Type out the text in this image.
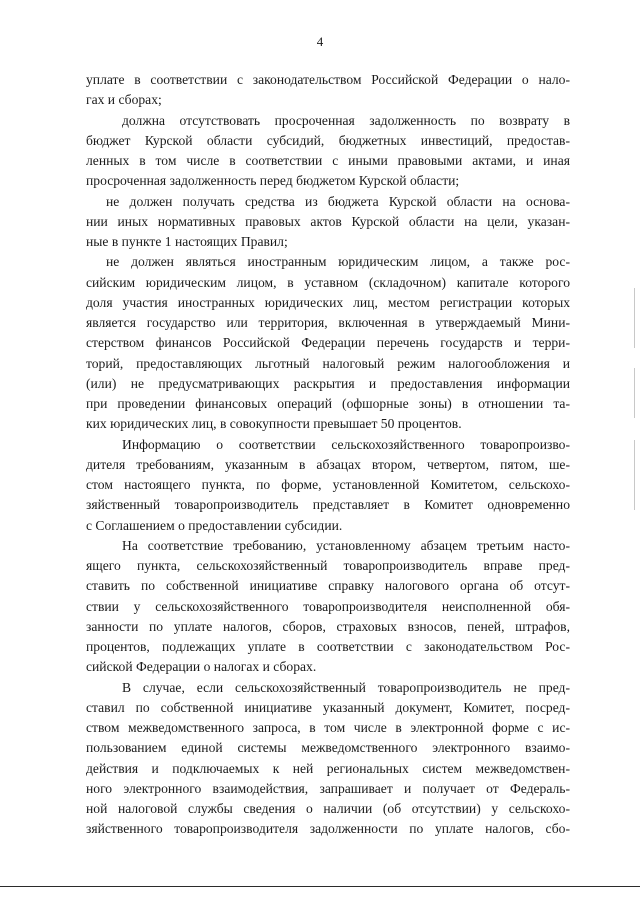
4
уплате в соответствии с законодательством Российской Федерации о нало-
гах и сборах;
должна отсутствовать просроченная задолженность по возврату в
бюджет Курской области субсидий, бюджетных инвестиций, предостав-
ленных в том числе в соответствии с иными правовыми актами, и иная
просроченная задолженность перед бюджетом Курской области;
не должен получать средства из бюджета Курской области на основа-
нии иных нормативных правовых актов Курской области на цели, указан-
ные в пункте 1 настоящих Правил;
не должен являться иностранным юридическим лицом, а также рос-
сийским юридическим лицом, в уставном (складочном) капитале которого
доля участия иностранных юридических лиц, местом регистрации которых
является государство или территория, включенная в утверждаемый Мини-
стерством финансов Российской Федерации перечень государств и терри-
торий, предоставляющих льготный налоговый режим налогообложения и
(или) не предусматривающих раскрытия и предоставления информации
при проведении финансовых операций (офшорные зоны) в отношении та-
ких юридических лиц, в совокупности превышает 50 процентов.
Информацию о соответствии сельскохозяйственного товаропроизво-
дителя требованиям, указанным в абзацах втором, четвертом, пятом, ше-
стом настоящего пункта, по форме, установленной Комитетом, сельскохо-
зяйственный товаропроизводитель представляет в Комитет одновременно
с Соглашением о предоставлении субсидии.
На соответствие требованию, установленному абзацем третьим насто-
ящего пункта, сельскохозяйственный товаропроизводитель вправе пред-
ставить по собственной инициативе справку налогового органа об отсут-
ствии у сельскохозяйственного товаропроизводителя неисполненной обя-
занности по уплате налогов, сборов, страховых взносов, пеней, штрафов,
процентов, подлежащих уплате в соответствии с законодательством Рос-
сийской Федерации о налогах и сборах.
В случае, если сельскохозяйственный товаропроизводитель не пред-
ставил по собственной инициативе указанный документ, Комитет, посред-
ством межведомственного запроса, в том числе в электронной форме с ис-
пользованием единой системы межведомственного электронного взаимо-
действия и подключаемых к ней региональных систем межведомствен-
ного электронного взаимодействия, запрашивает и получает от Федераль-
ной налоговой службы сведения о наличии (об отсутствии) у сельскохо-
зяйственного товаропроизводителя задолженности по уплате налогов, сбо-
